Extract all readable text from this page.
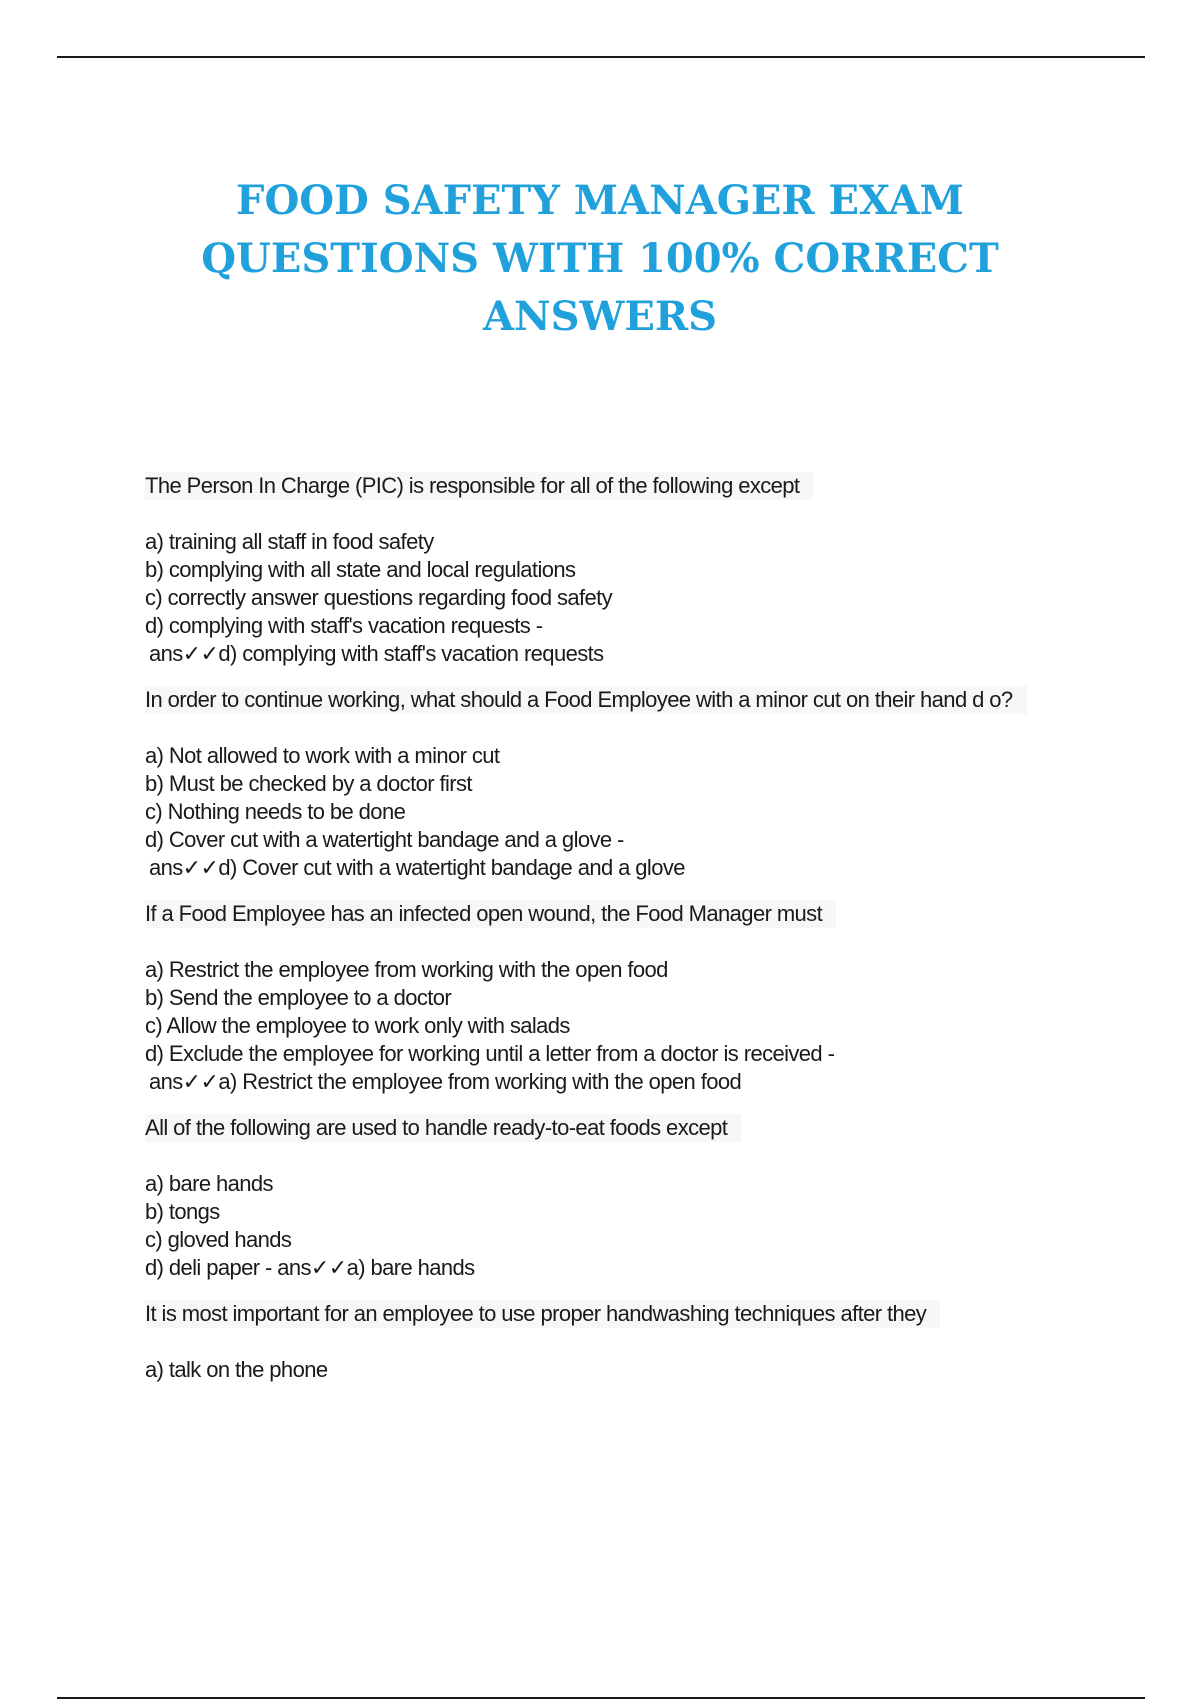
FOOD SAFETY MANAGER EXAM
QUESTIONS WITH 100% CORRECT
ANSWERS

The Person In Charge (PIC) is responsible for all of the following except

a) training all staff in food safety

b) complying with all state and local regulations

c) correctly answer questions regarding food safety

d) complying with staff's vacation requests -

ans✓✓d) complying with staff's vacation requests

In order to continue working, what should a Food Employee with a minor cut on their hand d o?

a) Not allowed to work with a minor cut

b) Must be checked by a doctor first

c) Nothing needs to be done

d) Cover cut with a watertight bandage and a glove -

ans✓✓d) Cover cut with a watertight bandage and a glove

If a Food Employee has an infected open wound, the Food Manager must

a) Restrict the employee from working with the open food

b) Send the employee to a doctor

c) Allow the employee to work only with salads

d) Exclude the employee for working until a letter from a doctor is received -

ans✓✓a) Restrict the employee from working with the open food

All of the following are used to handle ready-to-eat foods except

a) bare hands

b) tongs

c) gloved hands

d) deli paper - ans✓✓a) bare hands

It is most important for an employee to use proper handwashing techniques after they

a) talk on the phone
